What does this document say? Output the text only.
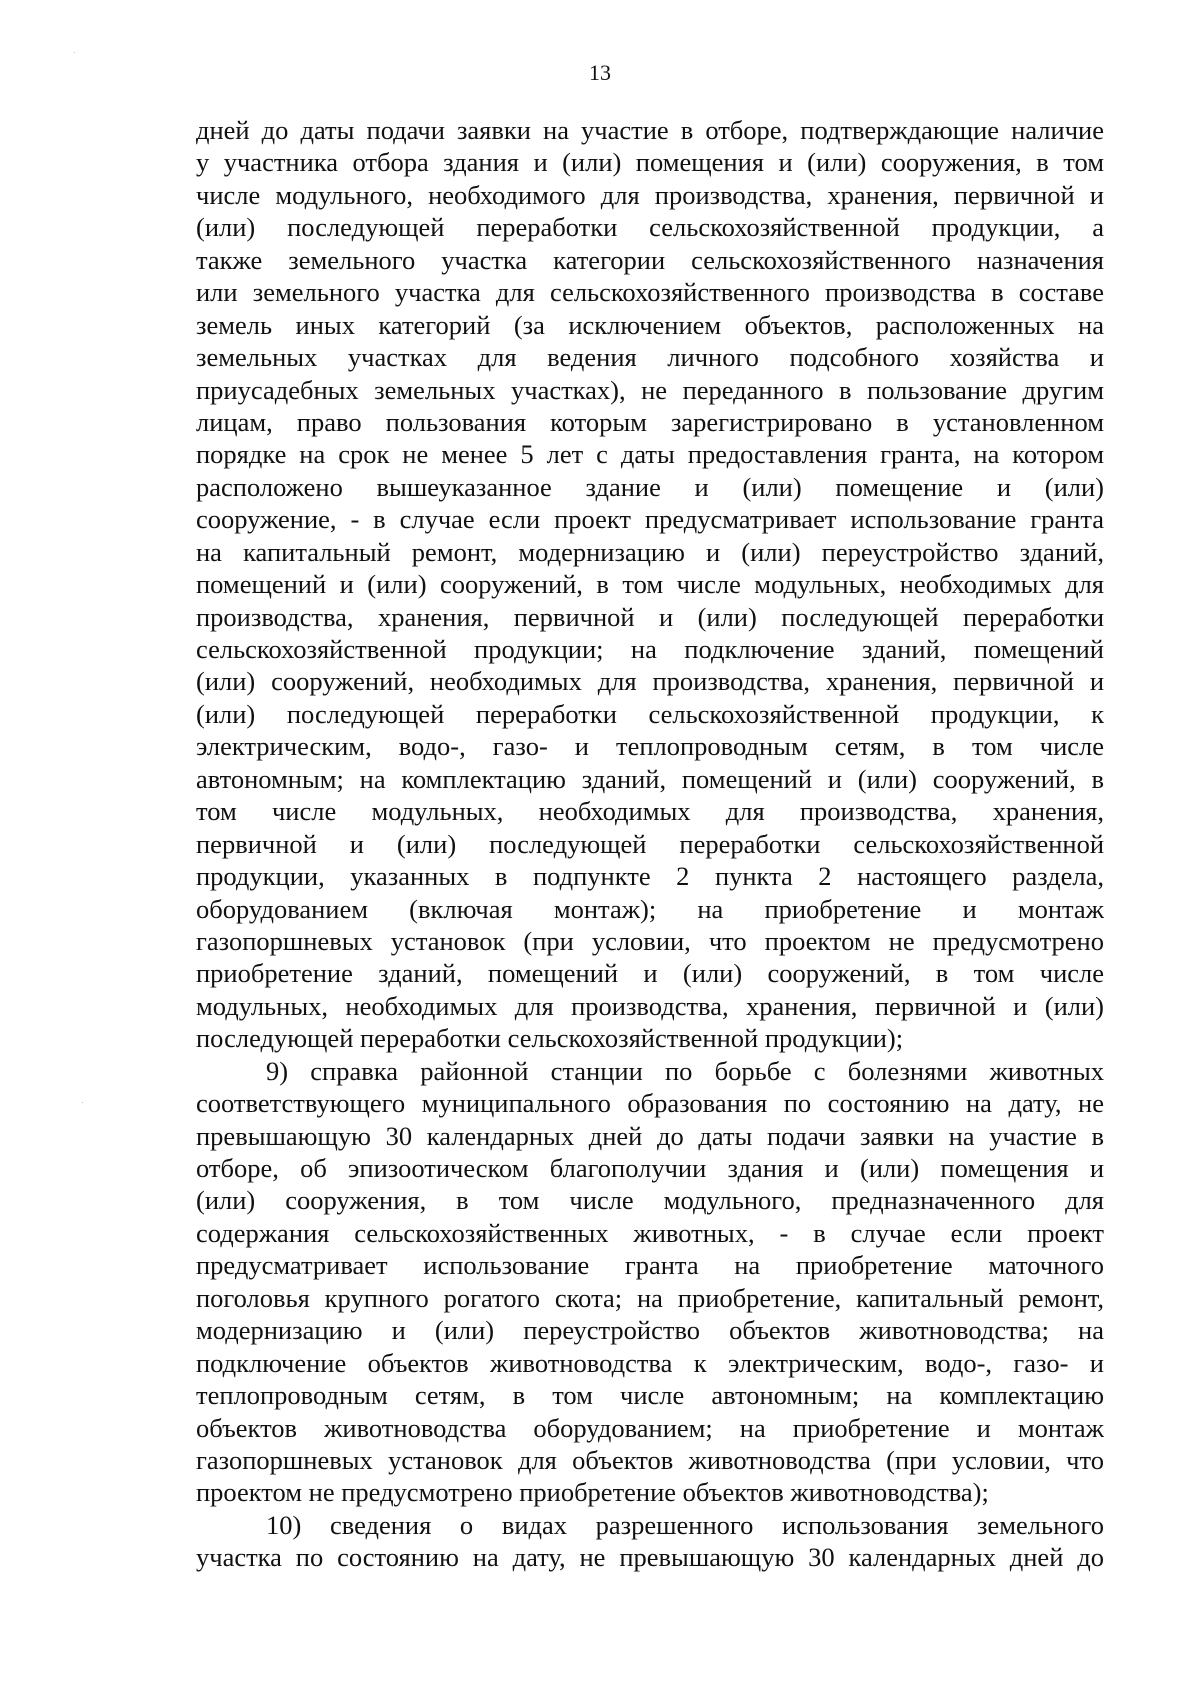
13
дней до даты подачи заявки на участие в отборе, подтверждающие наличие
у участника отбора здания и (или) помещения и (или) сооружения, в том
числе модульного, необходимого для производства, хранения, первичной и
(или) последующей переработки сельскохозяйственной продукции, а
также земельного участка категории сельскохозяйственного назначения
или земельного участка для сельскохозяйственного производства в составе
земель иных категорий (за исключением объектов, расположенных на
земельных участках для ведения личного подсобного хозяйства и
приусадебных земельных участках), не переданного в пользование другим
лицам, право пользования которым зарегистрировано в установленном
порядке на срок не менее 5 лет с даты предоставления гранта, на котором
расположено вышеуказанное здание и (или) помещение и (или)
сооружение, - в случае если проект предусматривает использование гранта
на капитальный ремонт, модернизацию и (или) переустройство зданий,
помещений и (или) сооружений, в том числе модульных, необходимых для
производства, хранения, первичной и (или) последующей переработки
сельскохозяйственной продукции; на подключение зданий, помещений
(или) сооружений, необходимых для производства, хранения, первичной и
(или) последующей переработки сельскохозяйственной продукции, к
электрическим, водо-, газо- и теплопроводным сетям, в том числе
автономным; на комплектацию зданий, помещений и (или) сооружений, в
том числе модульных, необходимых для производства, хранения,
первичной и (или) последующей переработки сельскохозяйственной
продукции, указанных в подпункте 2 пункта 2 настоящего раздела,
оборудованием (включая монтаж); на приобретение и монтаж
газопоршневых установок (при условии, что проектом не предусмотрено
приобретение зданий, помещений и (или) сооружений, в том числе
модульных, необходимых для производства, хранения, первичной и (или)
последующей переработки сельскохозяйственной продукции);
9) справка районной станции по борьбе с болезнями животных
соответствующего муниципального образования по состоянию на дату, не
превышающую 30 календарных дней до даты подачи заявки на участие в
отборе, об эпизоотическом благополучии здания и (или) помещения и
(или) сооружения, в том числе модульного, предназначенного для
содержания сельскохозяйственных животных, - в случае если проект
предусматривает использование гранта на приобретение маточного
поголовья крупного рогатого скота; на приобретение, капитальный ремонт,
модернизацию и (или) переустройство объектов животноводства; на
подключение объектов животноводства к электрическим, водо-, газо- и
теплопроводным сетям, в том числе автономным; на комплектацию
объектов животноводства оборудованием; на приобретение и монтаж
газопоршневых установок для объектов животноводства (при условии, что
проектом не предусмотрено приобретение объектов животноводства);
10) сведения о видах разрешенного использования земельного
участка по состоянию на дату, не превышающую 30 календарных дней до
